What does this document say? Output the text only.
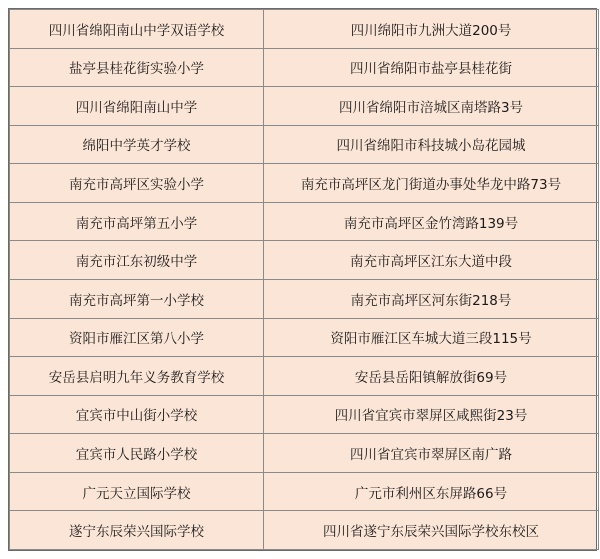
四川省绵阳南山中学双语学校	四川绵阳市九洲大道200号
盐亭县桂花街实验小学	四川省绵阳市盐亭县桂花街
四川省绵阳南山中学	四川省绵阳市涪城区南塔路3号
绵阳中学英才学校	四川省绵阳市科技城小岛花园城
南充市高坪区实验小学	南充市高坪区龙门街道办事处华龙中路73号
南充市高坪第五小学	南充市高坪区金竹湾路139号
南充市江东初级中学	南充市高坪区江东大道中段
南充市高坪第一小学校	南充市高坪区河东街218号
资阳市雁江区第八小学	资阳市雁江区车城大道三段115号
安岳县启明九年义务教育学校	安岳县岳阳镇解放街69号
宜宾市中山街小学校	四川省宜宾市翠屏区咸熙街23号
宜宾市人民路小学校	四川省宜宾市翠屏区南广路
广元天立国际学校	广元市利州区东屏路66号
遂宁东辰荣兴国际学校	四川省遂宁东辰荣兴国际学校东校区
